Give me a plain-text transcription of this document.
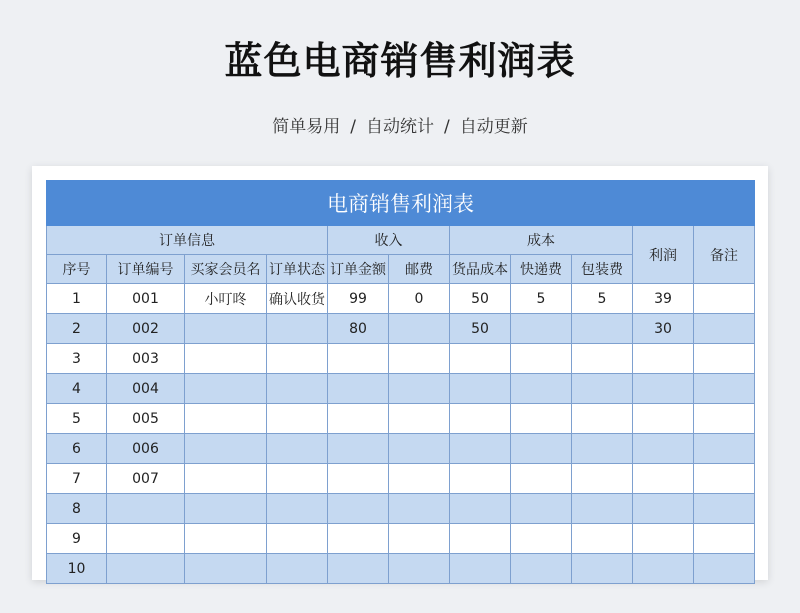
蓝色电商销售利润表
简单易用 / 自动统计 / 自动更新
电商销售利润表										
订单信息				收入		成本			利润	备注
序号	订单编号	买家会员名	订单状态	订单金额	邮费	货品成本	快递费	包装费		
1	001	小叮咚	确认收货	99	0	50	5	5	39	
2	002			80		50			30	
3	003									
4	004									
5	005									
6	006									
7	007									
8										
9										
10										
